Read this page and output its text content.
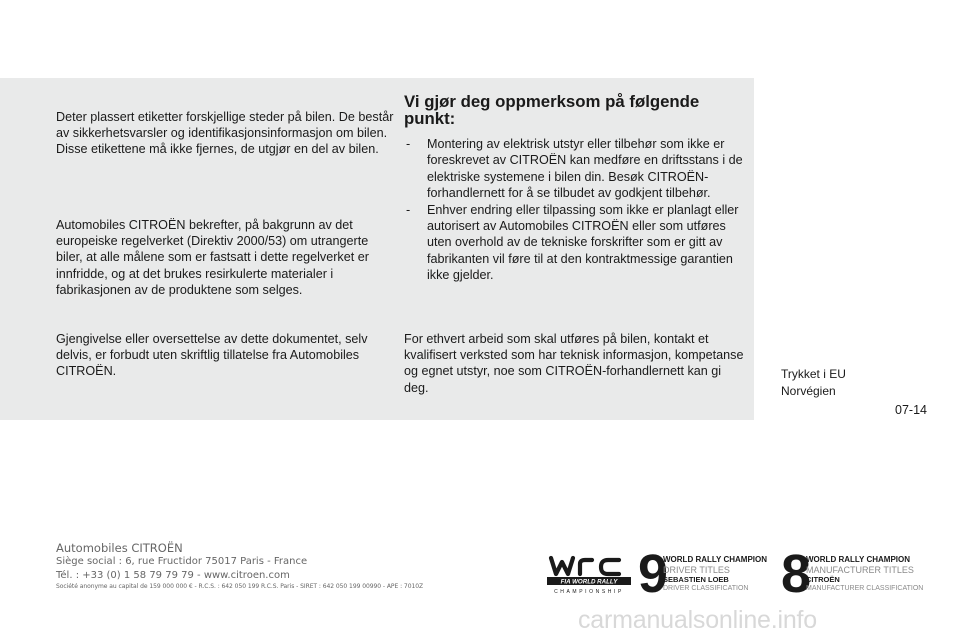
Deter plassert etiketter forskjellige steder på bilen. De består av sikkerhetsvarsler og identifikasjonsinformasjon om bilen. Disse etikettene må ikke fjernes, de utgjør en del av bilen.

Automobiles CITROËN bekrefter, på bakgrunn av det europeiske regelverket (Direktiv 2000/53) om utrangerte biler, at alle målene som er fastsatt i dette regelverket er innfridde, og at det brukes resirkulerte materialer i fabrikasjonen av de produktene som selges.

Gjengivelse eller oversettelse av dette dokumentet, selv delvis, er forbudt uten skriftlig tillatelse fra Automobiles CITROËN.

Vi gjør deg oppmerksom på følgende punkt:
- Montering av elektrisk utstyr eller tilbehør som ikke er foreskrevet av CITROËN kan medføre en driftsstans i de elektriske systemene i bilen din. Besøk CITROËN-forhandlernett for å se tilbudet av godkjent tilbehør.
- Enhver endring eller tilpassing som ikke er planlagt eller autorisert av Automobiles CITROËN eller som utføres uten overhold av de tekniske forskrifter som er gitt av fabrikanten vil føre til at den kontraktmessige garantien ikke gjelder.

For ethvert arbeid som skal utføres på bilen, kontakt et kvalifisert verksted som har teknisk informasjon, kompetanse og egnet utstyr, noe som CITROËN-forhandlernett kan gi deg.

Trykket i EU
Norvégien
07-14
Automobiles CITROËN
Siège social : 6, rue Fructidor 75017 Paris - France
Tél. : +33 (0) 1 58 79 79 79 - www.citroen.com
Société anonyme au capital de 159 000 000 € - R.C.S. : 642 050 199 R.C.S. Paris - SIRET : 642 050 199 00990 - APE : 7010Z
FIA WORLD RALLY
CHAMPIONSHIP 9
WORLD RALLY CHAMPION
DRIVER TITLES
SEBASTIEN LOEB
DRIVER CLASSIFICATION 8
WORLD RALLY CHAMPION
MANUFACTURER TITLES
CITROËN
MANUFACTURER CLASSIFICATION
carmanualsonline.info
